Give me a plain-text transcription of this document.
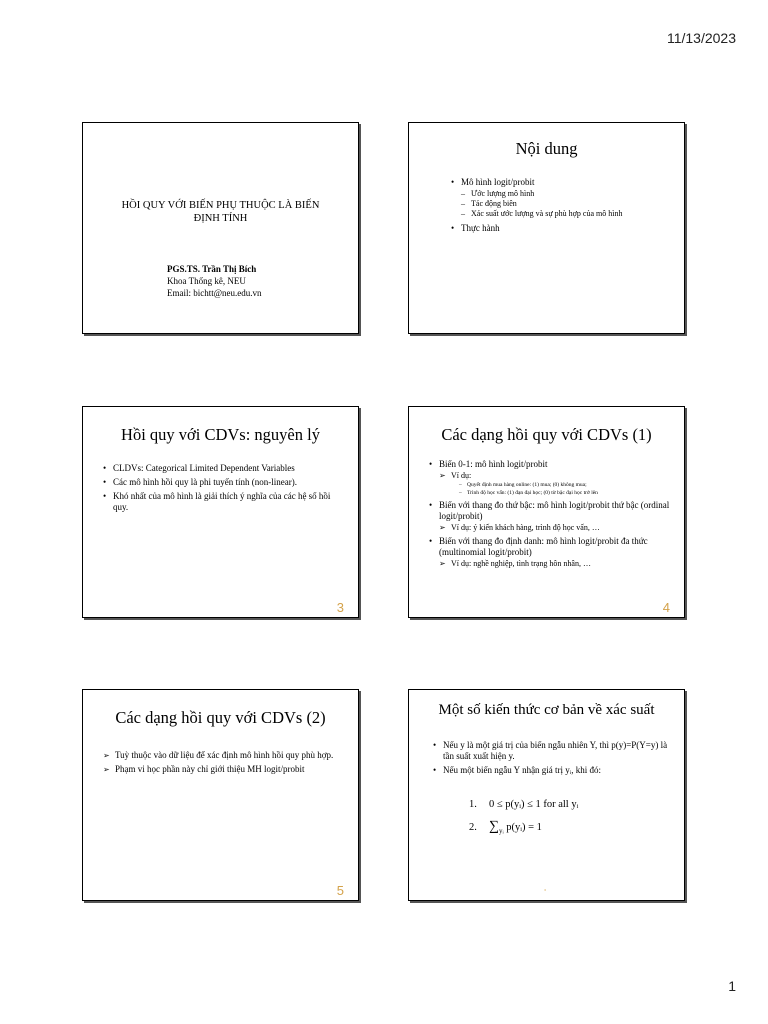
11/13/2023
HỒI QUY VỚI BIẾN PHỤ THUỘC LÀ BIẾN
ĐỊNH TÍNH
PGS.TS. Trần Thị Bích
Khoa Thống kê, NEU
Email: bichtt@neu.edu.vn
Nội dung
• Mô hình logit/probit
– Ước lượng mô hình
– Tác động biên
– Xác suất ước lượng và sự phù hợp của mô hình
• Thực hành
Hồi quy với CDVs: nguyên lý
• CLDVs: Categorical Limited Dependent Variables
• Các mô hình hồi quy là phi tuyến tính (non-linear).
• Khó nhất của mô hình là giải thích ý nghĩa của các hệ số hồi quy.
3
Các dạng hồi quy với CDVs (1)
• Biến 0-1: mô hình logit/probit
➢ Ví dụ:
– Quyết định mua hàng online: (1) mua; (0) không mua;
– Trình độ học vấn: (1) đạn đại học; (0) từ bậc đại học trở lên
• Biến với thang đo thứ bậc: mô hình logit/probit thứ bậc (ordinal logit/probit)
➢ Ví dụ: ý kiến khách hàng, trình độ học vấn, …
• Biến với thang đo định danh: mô hình logit/probit đa thức (multinomial logit/probit)
➢ Ví dụ: nghề nghiệp, tình trạng hôn nhân, …
4
Các dạng hồi quy với CDVs (2)
➢ Tuỳ thuộc vào dữ liệu để xác định mô hình hồi quy phù hợp.
➢ Phạm vi học phần này chỉ giới thiệu MH logit/probit
5
Một số kiến thức cơ bản về xác suất
• Nếu y là một giá trị của biến ngẫu nhiên Y, thì p(y)=P(Y=y) là tần suất xuất hiện y.
• Nếu một biến ngẫu Y nhận giá trị yᵢ, khi đó:
1. 0 ≤ p(yᵢ) ≤ 1 for all yᵢ
2. $\sum_{yᵢ}$ p(yᵢ) = 1
6
1
